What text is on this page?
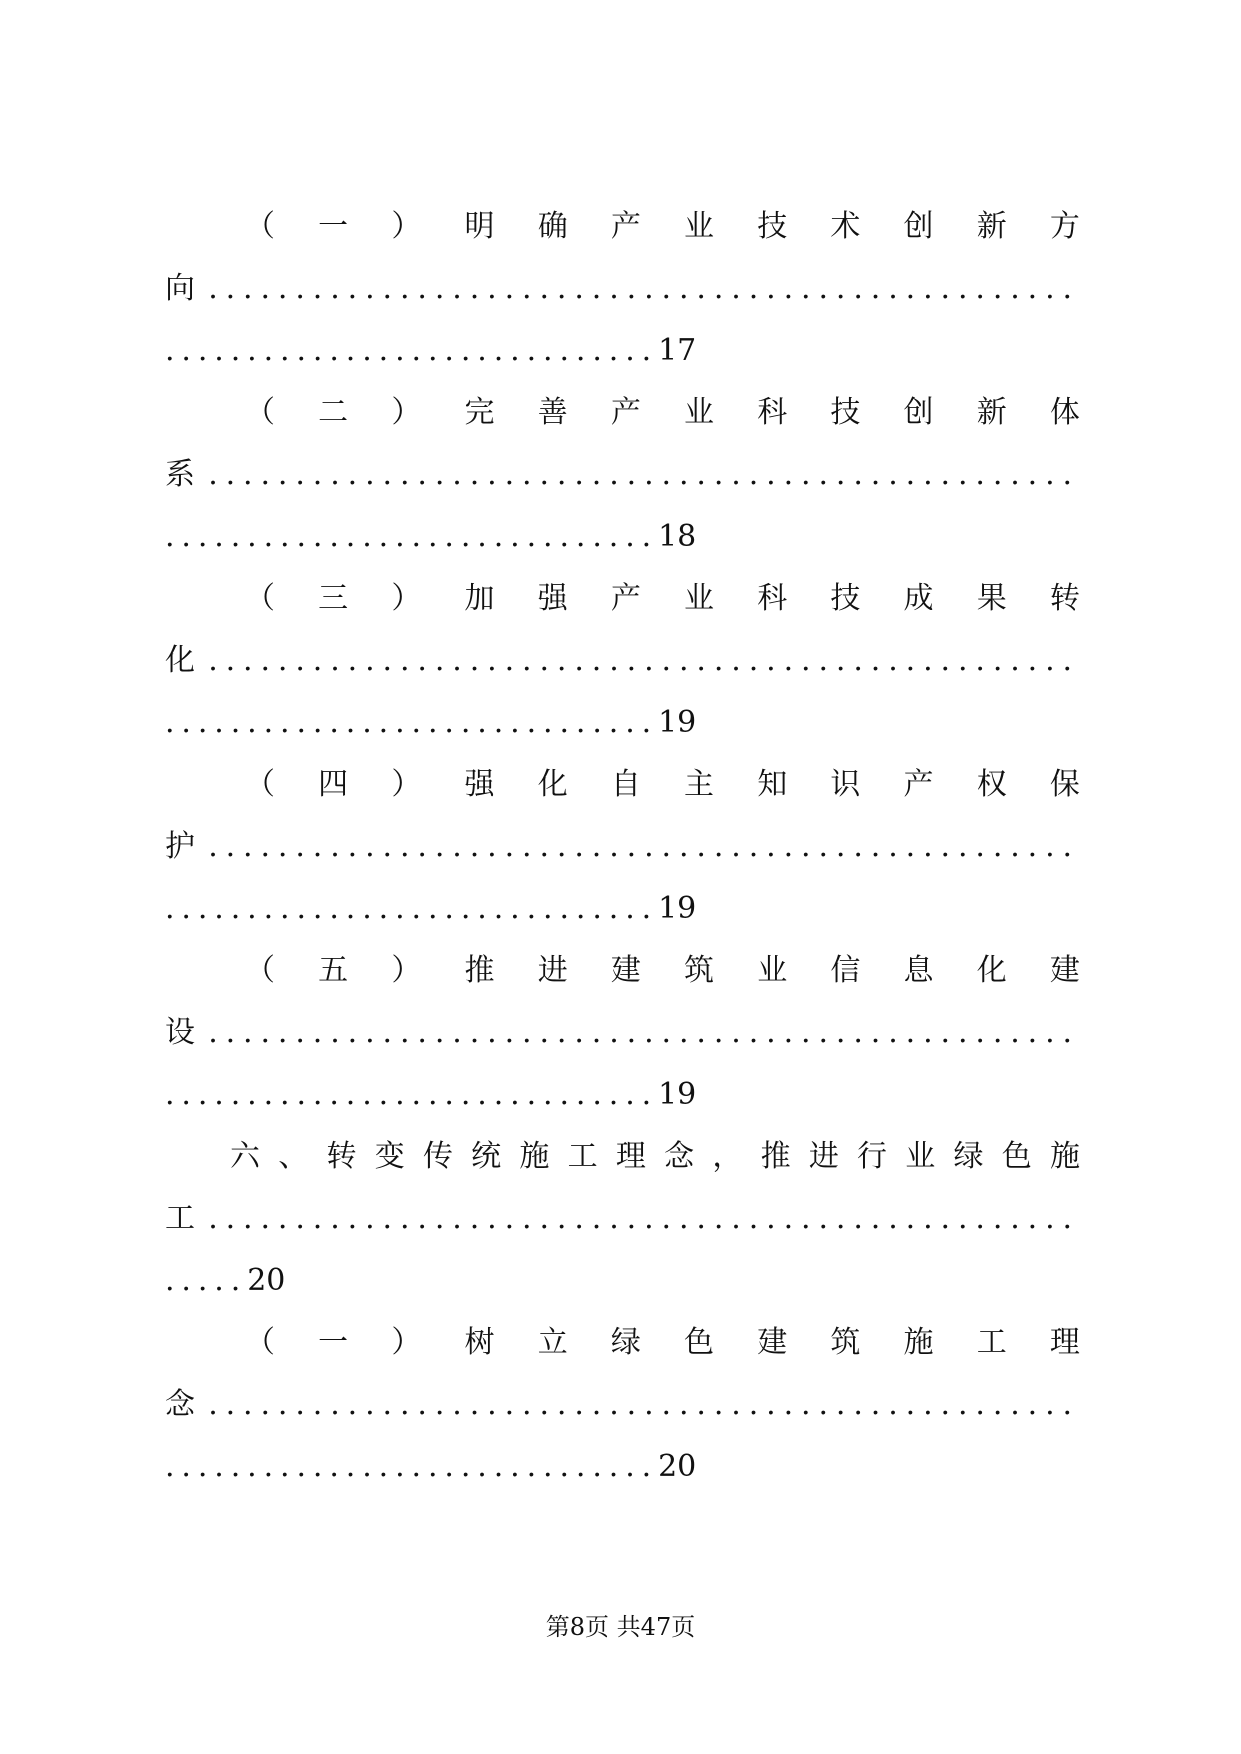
（ 一 ） 明 确 产 业 技 术 创 新 方
向 ..................................................
..............................17
（ 二 ） 完 善 产 业 科 技 创 新 体
系 ..................................................
..............................18
（ 三 ） 加 强 产 业 科 技 成 果 转
化 ..................................................
..............................19
（ 四 ） 强 化 自 主 知 识 产 权 保
护 ..................................................
..............................19
（ 五 ） 推 进 建 筑 业 信 息 化 建
设 ..................................................
..............................19
六 、 转 变 传 统 施 工 理 念 ， 推 进 行 业 绿 色 施
工 ..................................................
.....20
（ 一 ） 树 立 绿 色 建 筑 施 工 理
念 ..................................................
..............................20
第8页 共47页
